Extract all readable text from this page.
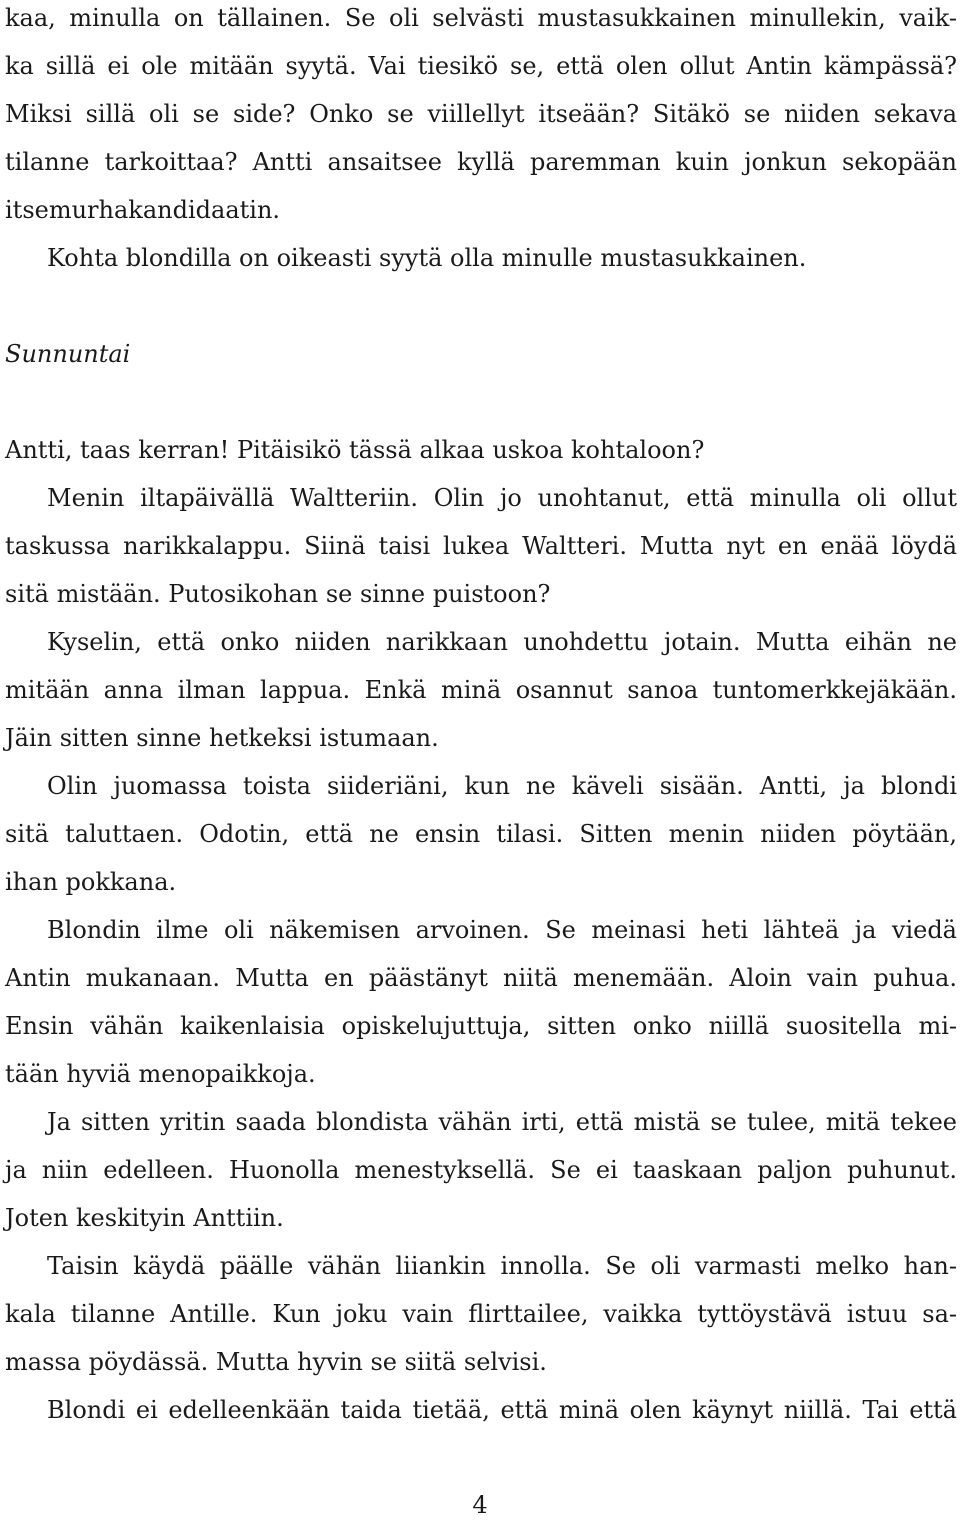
kaa, minulla on tällainen. Se oli selvästi mustasukkainen minullekin, vaik-
ka sillä ei ole mitään syytä. Vai tiesikö se, että olen ollut Antin kämpässä?
Miksi sillä oli se side? Onko se viillellyt itseään? Sitäkö se niiden sekava
tilanne tarkoittaa? Antti ansaitsee kyllä paremman kuin jonkun sekopään
itsemurhakandidaatin.
Kohta blondilla on oikeasti syytä olla minulle mustasukkainen.
Sunnuntai
Antti, taas kerran! Pitäisikö tässä alkaa uskoa kohtaloon?
Menin iltapäivällä Waltteriin. Olin jo unohtanut, että minulla oli ollut
taskussa narikkalappu. Siinä taisi lukea Waltteri. Mutta nyt en enää löydä
sitä mistään. Putosikohan se sinne puistoon?
Kyselin, että onko niiden narikkaan unohdettu jotain. Mutta eihän ne
mitään anna ilman lappua. Enkä minä osannut sanoa tuntomerkkejäkään.
Jäin sitten sinne hetkeksi istumaan.
Olin juomassa toista siideriäni, kun ne käveli sisään. Antti, ja blondi
sitä taluttaen. Odotin, että ne ensin tilasi. Sitten menin niiden pöytään,
ihan pokkana.
Blondin ilme oli näkemisen arvoinen. Se meinasi heti lähteä ja viedä
Antin mukanaan. Mutta en päästänyt niitä menemään. Aloin vain puhua.
Ensin vähän kaikenlaisia opiskelujuttuja, sitten onko niillä suositella mi-
tään hyviä menopaikkoja.
Ja sitten yritin saada blondista vähän irti, että mistä se tulee, mitä tekee
ja niin edelleen. Huonolla menestyksellä. Se ei taaskaan paljon puhunut.
Joten keskityin Anttiin.
Taisin käydä päälle vähän liiankin innolla. Se oli varmasti melko han-
kala tilanne Antille. Kun joku vain flirttailee, vaikka tyttöystävä istuu sa-
massa pöydässä. Mutta hyvin se siitä selvisi.
Blondi ei edelleenkään taida tietää, että minä olen käynyt niillä. Tai että
4
